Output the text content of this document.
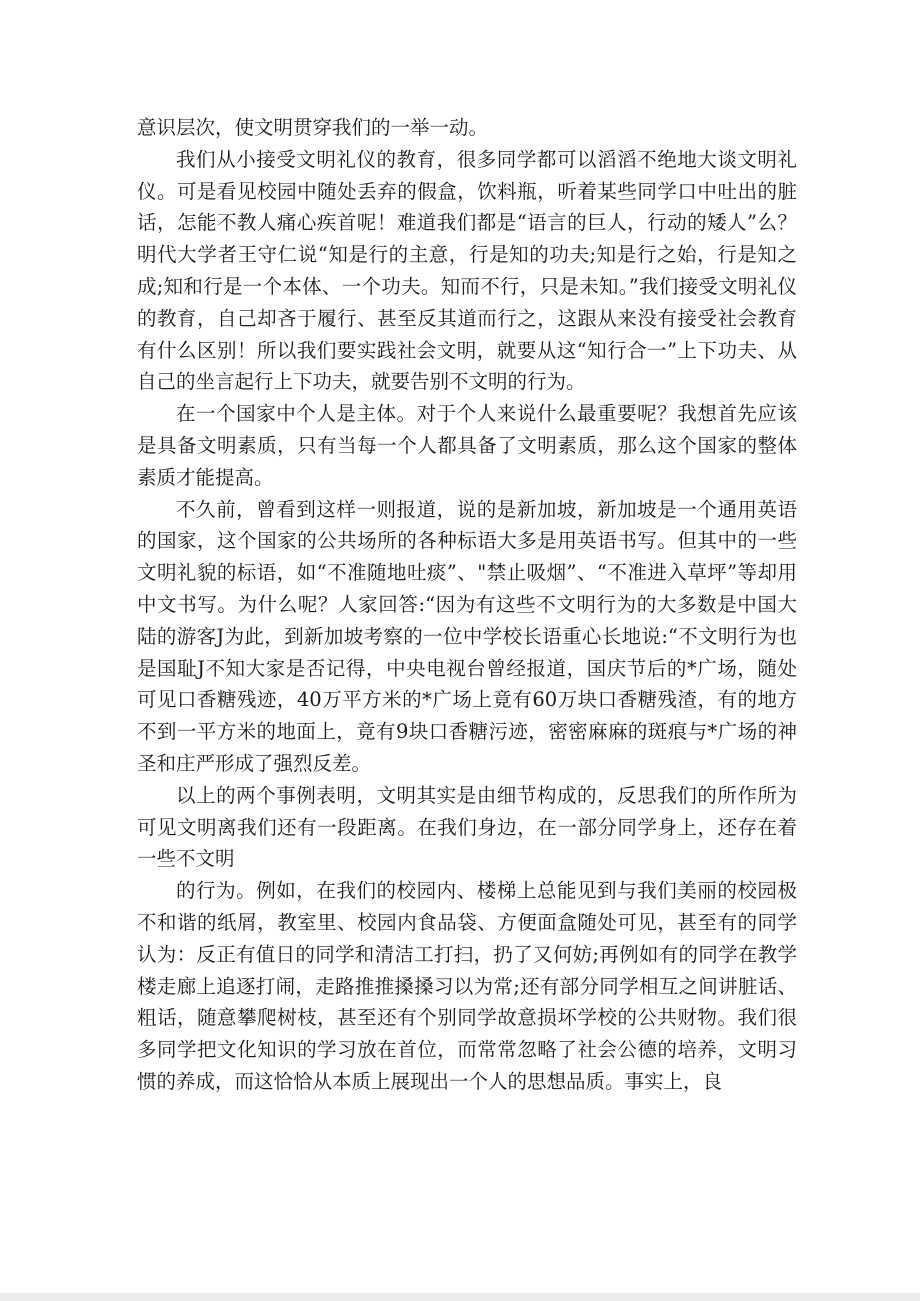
意识层次，使文明贯穿我们的一举一动。

我们从小接受文明礼仪的教育，很多同学都可以滔滔不绝地大谈文明礼仪。可是看见校园中随处丢弃的假盒，饮料瓶，听着某些同学口中吐出的脏话，怎能不教人痛心疾首呢！难道我们都是“语言的巨人，行动的矮人”么？明代大学者王守仁说“知是行的主意，行是知的功夫;知是行之始，行是知之成;知和行是一个本体、一个功夫。知而不行，只是未知。”我们接受文明礼仪的教育，自己却吝于履行、甚至反其道而行之，这跟从来没有接受社会教育有什么区别！所以我们要实践社会文明，就要从这“知行合一”上下功夫、从自己的坐言起行上下功夫，就要告别不文明的行为。

在一个国家中个人是主体。对于个人来说什么最重要呢？我想首先应该是具备文明素质，只有当每一个人都具备了文明素质，那么这个国家的整体素质才能提高。

不久前，曾看到这样一则报道，说的是新加坡，新加坡是一个通用英语的国家，这个国家的公共场所的各种标语大多是用英语书写。但其中的一些文明礼貌的标语，如“不准随地吐痰”、"禁止吸烟”、“不准进入草坪”等却用中文书写。为什么呢？人家回答:“因为有这些不文明行为的大多数是中国大陆的游客J为此，到新加坡考察的一位中学校长语重心长地说:“不文明行为也是国耻J不知大家是否记得，中央电视台曾经报道，国庆节后的*广场，随处可见口香糖残迹，40万平方米的*广场上竟有60万块口香糖残渣，有的地方不到一平方米的地面上，竟有9块口香糖污迹，密密麻麻的斑痕与*广场的神圣和庄严形成了强烈反差。

以上的两个事例表明，文明其实是由细节构成的，反思我们的所作所为可见文明离我们还有一段距离。在我们身边，在一部分同学身上，还存在着一些不文明

的行为。例如，在我们的校园内、楼梯上总能见到与我们美丽的校园极不和谐的纸屑，教室里、校园内食品袋、方便面盒随处可见，甚至有的同学认为：反正有值日的同学和清洁工打扫，扔了又何妨;再例如有的同学在教学楼走廊上追逐打闹，走路推推搡搡习以为常;还有部分同学相互之间讲脏话、粗话，随意攀爬树枝，甚至还有个别同学故意损坏学校的公共财物。我们很多同学把文化知识的学习放在首位，而常常忽略了社会公德的培养，文明习惯的养成，而这恰恰从本质上展现出一个人的思想品质。事实上，良
